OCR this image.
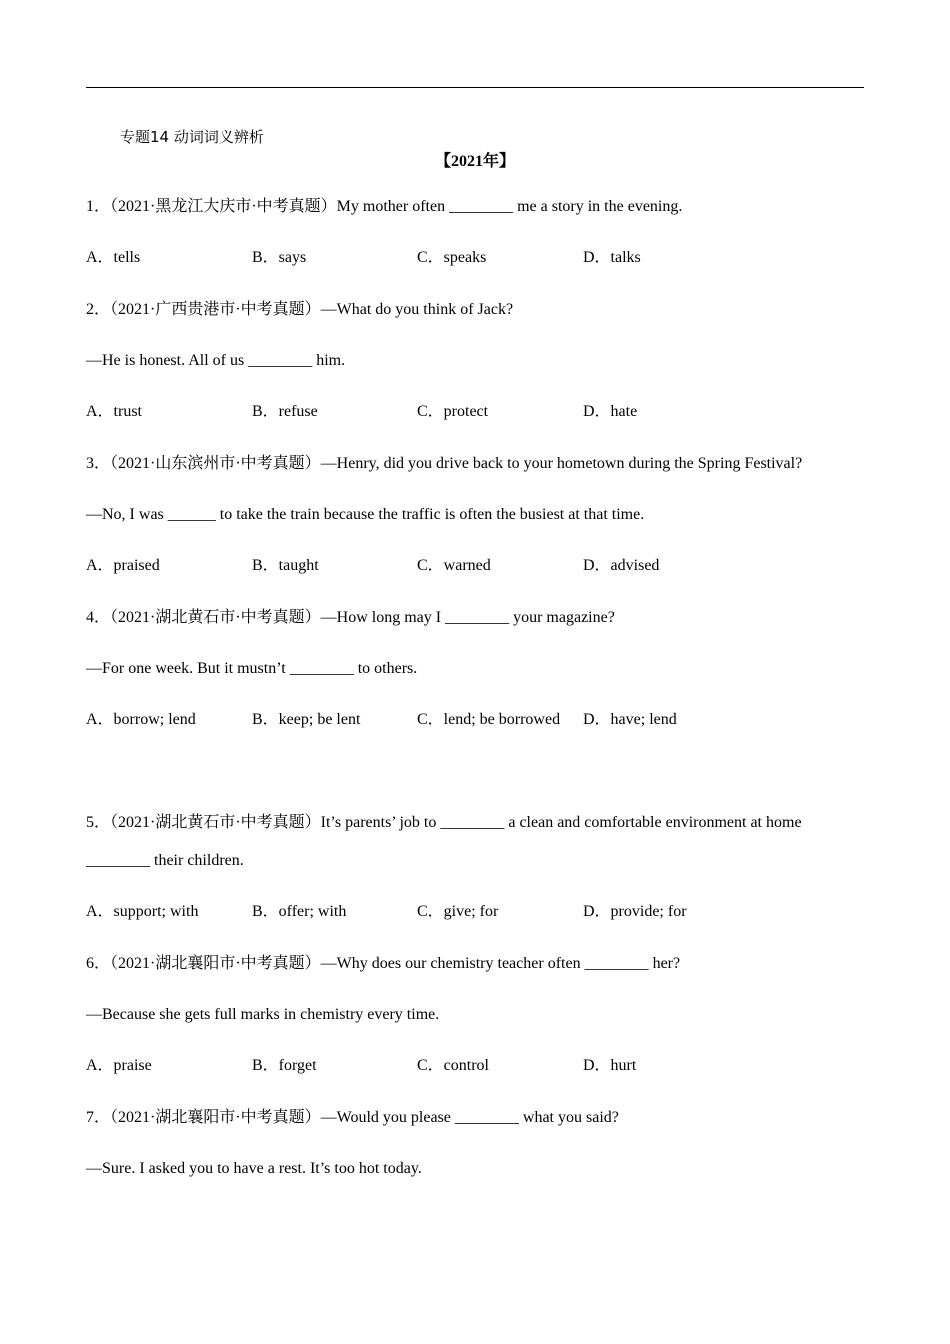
专题14 动词词义辨析
【2021年】
1．（2021·黑龙江大庆市·中考真题）My mother often ________ me a story in the evening.
A．tells	B．says	C．speaks	D．talks
2．（2021·广西贵港市·中考真题）—What do you think of Jack?
—He is honest. All of us ________ him.
A．trust	B．refuse	C．protect	D．hate
3．（2021·山东滨州市·中考真题）—Henry, did you drive back to your hometown during the Spring Festival?
—No, I was ______ to take the train because the traffic is often the busiest at that time.
A．praised	B．taught	C．warned	D．advised
4．（2021·湖北黄石市·中考真题）—How long may I ________ your magazine?
—For one week. But it mustn’t ________ to others.
A．borrow; lend	B．keep; be lent	C．lend; be borrowed D．have; lend
5．（2021·湖北黄石市·中考真题）It’s parents’ job to ________ a clean and comfortable environment at home
________ their children.
A．support; with	B．offer; with	C．give; for	D．provide; for
6．（2021·湖北襄阳市·中考真题）—Why does our chemistry teacher often ________ her?
—Because she gets full marks in chemistry every time.
A．praise	B．forget	C．control	D．hurt
7．（2021·湖北襄阳市·中考真题）—Would you please ________ what you said?
—Sure. I asked you to have a rest. It’s too hot today.
